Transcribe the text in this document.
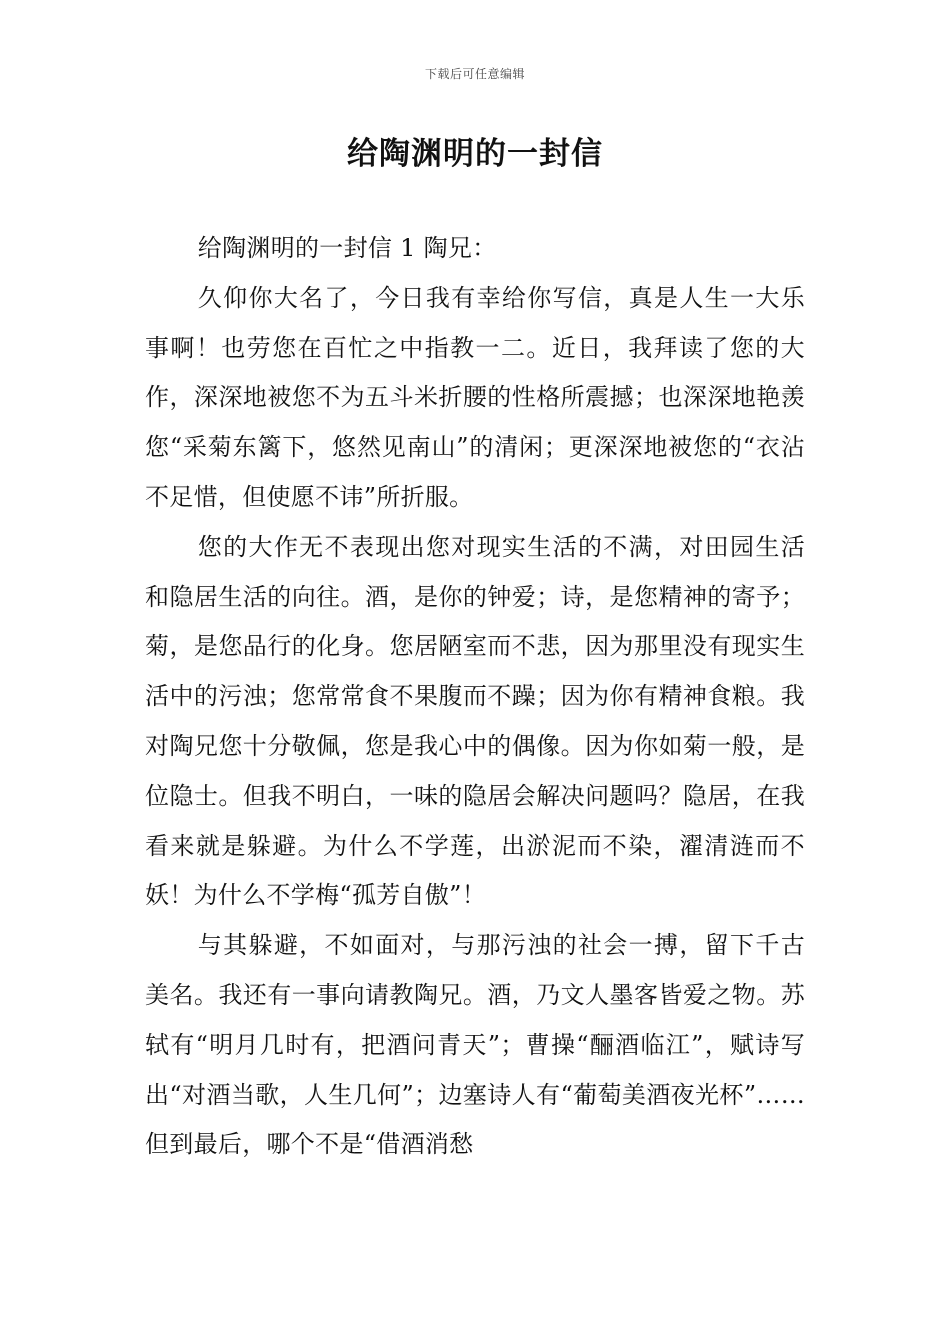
下载后可任意编辑
给陶渊明的一封信

给陶渊明的一封信 1 陶兄：

久仰你大名了，今日我有幸给你写信，真是人生一大乐事啊！也劳您在百忙之中指教一二。近日，我拜读了您的大作，深深地被您不为五斗米折腰的性格所震撼；也深深地艳羡您“采菊东篱下，悠然见南山”的清闲；更深深地被您的“衣沾不足惜，但使愿不讳”所折服。

您的大作无不表现出您对现实生活的不满，对田园生活和隐居生活的向往。酒，是你的钟爱；诗，是您精神的寄予；菊，是您品行的化身。您居陋室而不悲，因为那里没有现实生活中的污浊；您常常食不果腹而不躁；因为你有精神食粮。我对陶兄您十分敬佩，您是我心中的偶像。因为你如菊一般，是位隐士。但我不明白，一味的隐居会解决问题吗？隐居，在我看来就是躲避。为什么不学莲，出淤泥而不染，濯清涟而不妖！为什么不学梅“孤芳自傲”！

与其躲避，不如面对，与那污浊的社会一搏，留下千古美名。我还有一事向请教陶兄。酒，乃文人墨客皆爱之物。苏轼有“明月几时有，把酒问青天”；曹操“酾酒临江”，赋诗写出“对酒当歌，人生几何”；边塞诗人有“葡萄美酒夜光杯”……但到最后，哪个不是“借酒消愁
